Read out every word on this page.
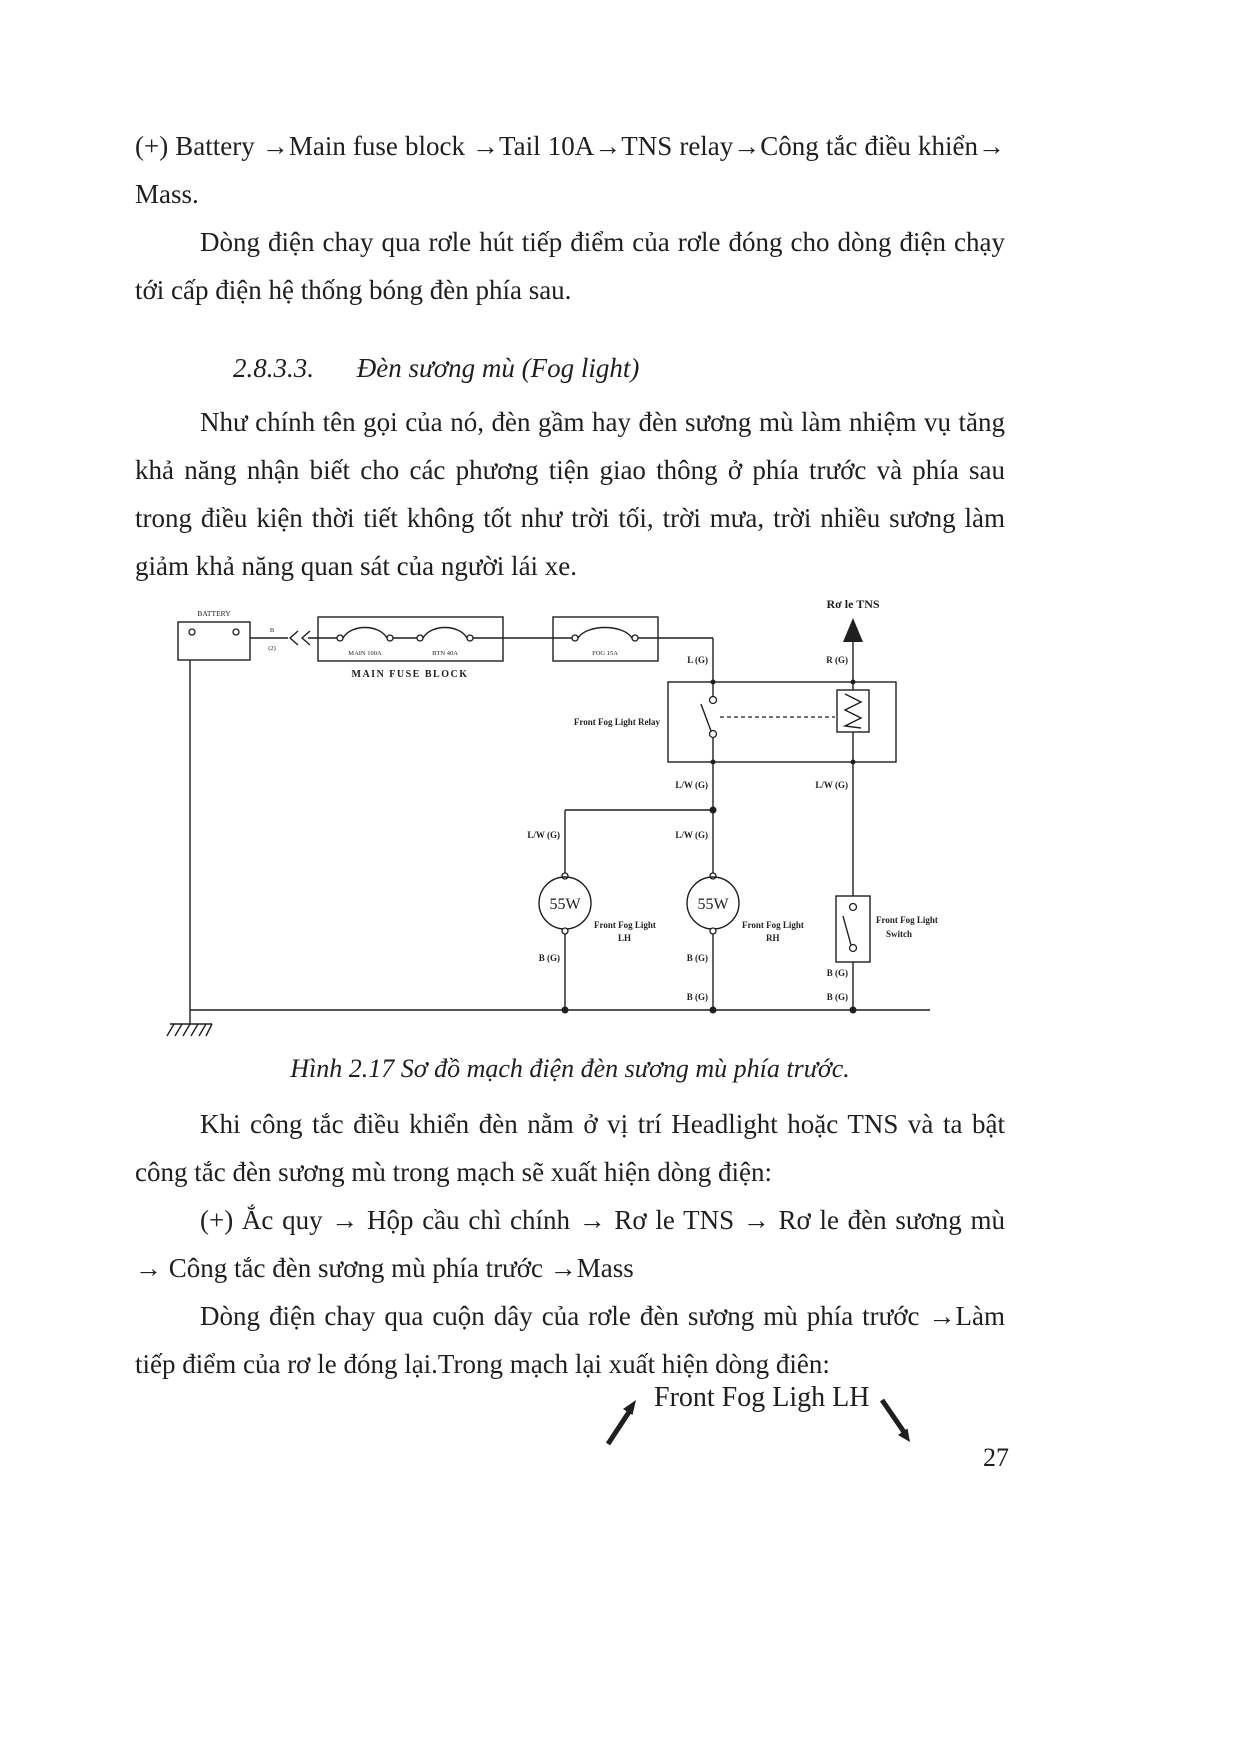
(+) Battery →Main fuse block →Tail 10A→TNS relay→Công tắc điều khiển→ Mass.

Dòng điện chay qua rơle hút tiếp điểm của rơle đóng cho dòng điện chạy tới cấp điện hệ thống bóng đèn phía sau.

2.8.3.3. Đèn sương mù (Fog light)

Như chính tên gọi của nó, đèn gầm hay đèn sương mù làm nhiệm vụ tăng khả năng nhận biết cho các phương tiện giao thông ở phía trước và phía sau trong điều kiện thời tiết không tốt như trời tối, trời mưa, trời nhiều sương làm giảm khả năng quan sát của người lái xe.

BATTERY
B
(2)
MAIN 100A	BTN 40A
MAIN FUSE BLOCK
FOG 15A
Rơ le TNS
L (G)	R (G)
Front Fog Light Relay
L/W (G)	L/W (G)
L/W (G)	L/W (G)
55W
Front Fog Light
LH
55W
Front Fog Light
RH
Front Fog Light
Switch
B (G)	B (G)
B (G)
B (G)
B (G)

Hình 2.17 Sơ đồ mạch điện đèn sương mù phía trước.

Khi công tắc điều khiển đèn nằm ở vị trí Headlight hoặc TNS và ta bật công tắc đèn sương mù trong mạch sẽ xuất hiện dòng điện:

(+) Ắc quy → Hộp cầu chì chính → Rơ le TNS → Rơ le đèn sương mù → Công tắc đèn sương mù phía trước →Mass

Dòng điện chay qua cuộn dây của rơle đèn sương mù phía trước →Làm tiếp điểm của rơ le đóng lại.Trong mạch lại xuất hiện dòng điên:

Front Fog Ligh LH
27
